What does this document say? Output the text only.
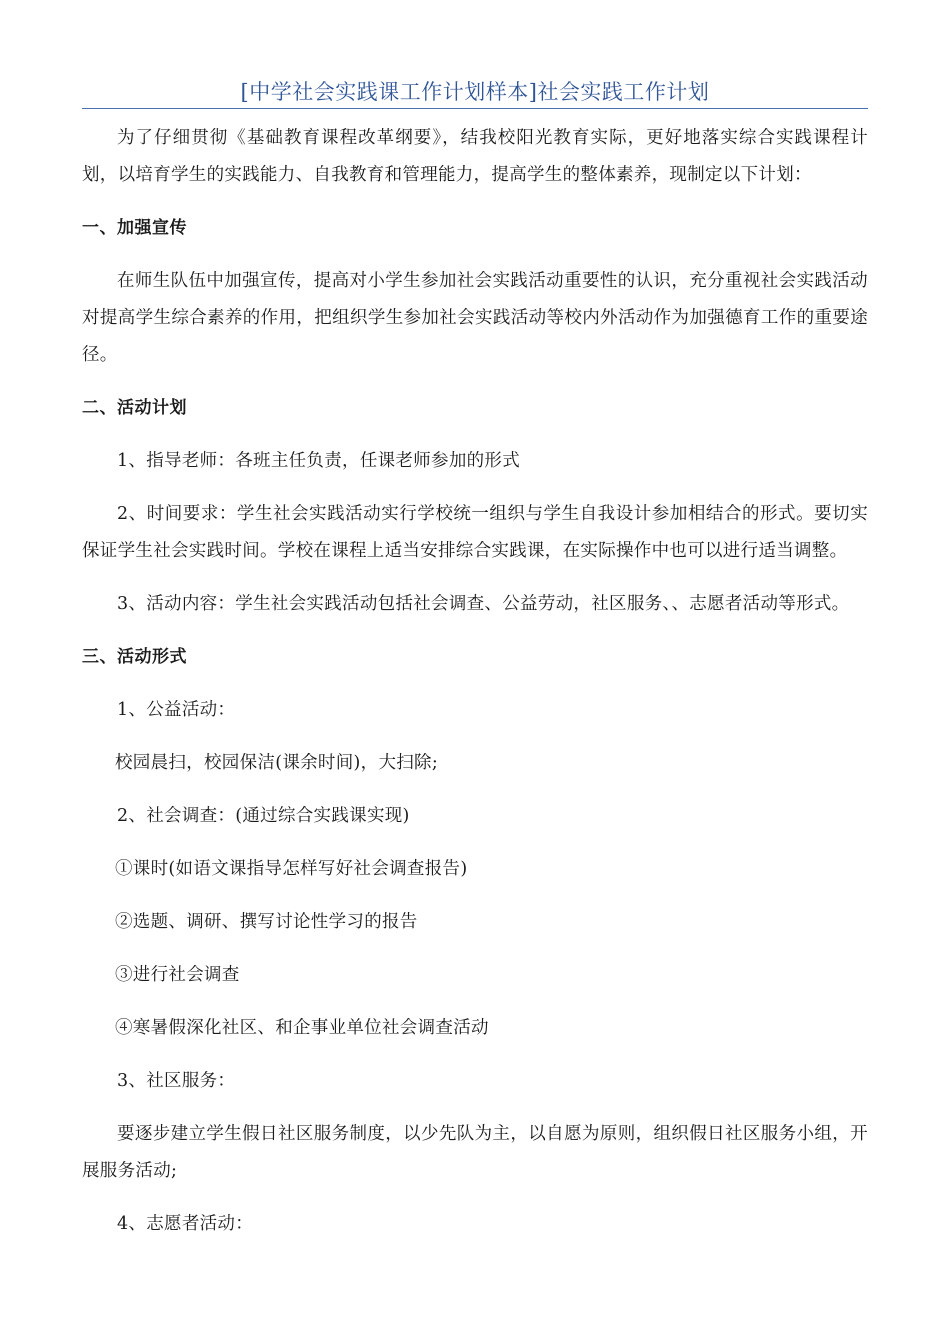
[中学社会实践课工作计划样本]社会实践工作计划

为了仔细贯彻《基础教育课程改革纲要》，结我校阳光教育实际，更好地落实综合实践课程计划，以培育学生的实践能力、自我教育和管理能力，提高学生的整体素养，现制定以下计划：

一、加强宣传

在师生队伍中加强宣传，提高对小学生参加社会实践活动重要性的认识，充分重视社会实践活动对提高学生综合素养的作用，把组织学生参加社会实践活动等校内外活动作为加强德育工作的重要途径。

二、活动计划

1、指导老师：各班主任负责，任课老师参加的形式

2、时间要求：学生社会实践活动实行学校统一组织与学生自我设计参加相结合的形式。要切实保证学生社会实践时间。学校在课程上适当安排综合实践课，在实际操作中也可以进行适当调整。

3、活动内容：学生社会实践活动包括社会调查、公益劳动，社区服务、、志愿者活动等形式。

三、活动形式

1、公益活动：

校园晨扫，校园保洁(课余时间)，大扫除;

2、社会调查：(通过综合实践课实现)

①课时(如语文课指导怎样写好社会调查报告)

②选题、调研、撰写讨论性学习的报告

③进行社会调查

④寒暑假深化社区、和企事业单位社会调查活动

3、社区服务：

要逐步建立学生假日社区服务制度，以少先队为主，以自愿为原则，组织假日社区服务小组，开展服务活动;

4、志愿者活动：
